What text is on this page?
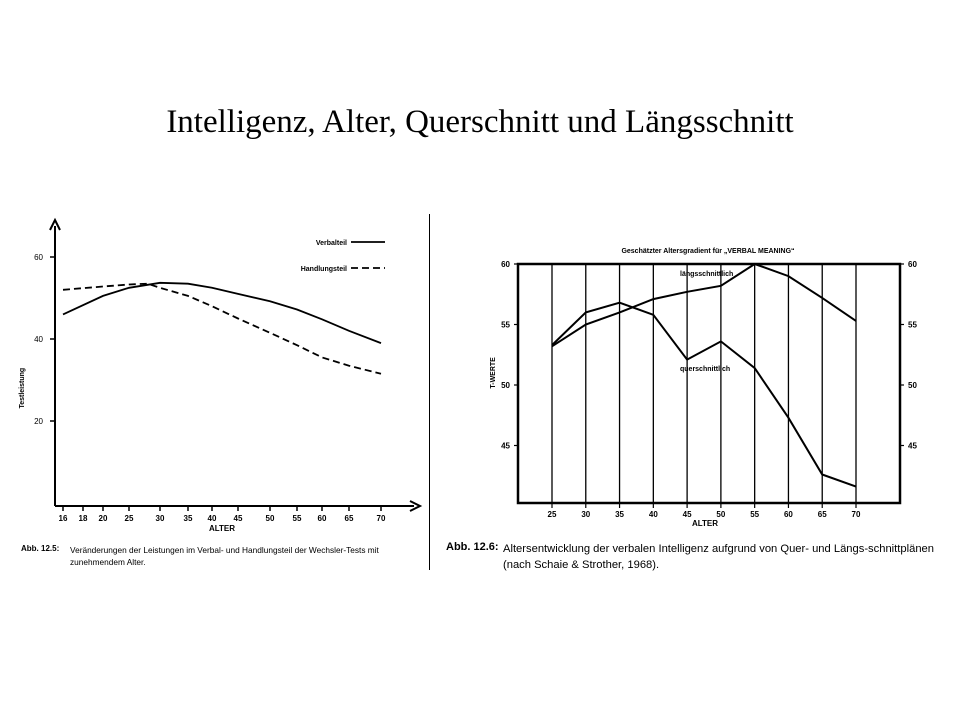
Intelligenz, Alter, Querschnitt und Längsschnitt
20
40
60
16 18 20 25	30 35 40 45	50 55 60 65	70
ALTER
Testleistung
Verbalteil
Handlungsteil
45	45
50	50
55	55
60	60
25	30	35	40	45	50	55	60	65	70
ALTER
T-WERTE
Geschätzter Altersgradient für „VERBAL MEANING“
längsschnittlich
querschnittlich
Abb. 12.5: Veränderungen der Leistungen im Verbal- und Handlungsteil der Wechsler-Tests mit zunehmendem Alter.
Abb. 12.6: Altersentwicklung der verbalen Intelligenz aufgrund von Quer- und Längs-schnittplänen (nach Schaie & Strother, 1968).
